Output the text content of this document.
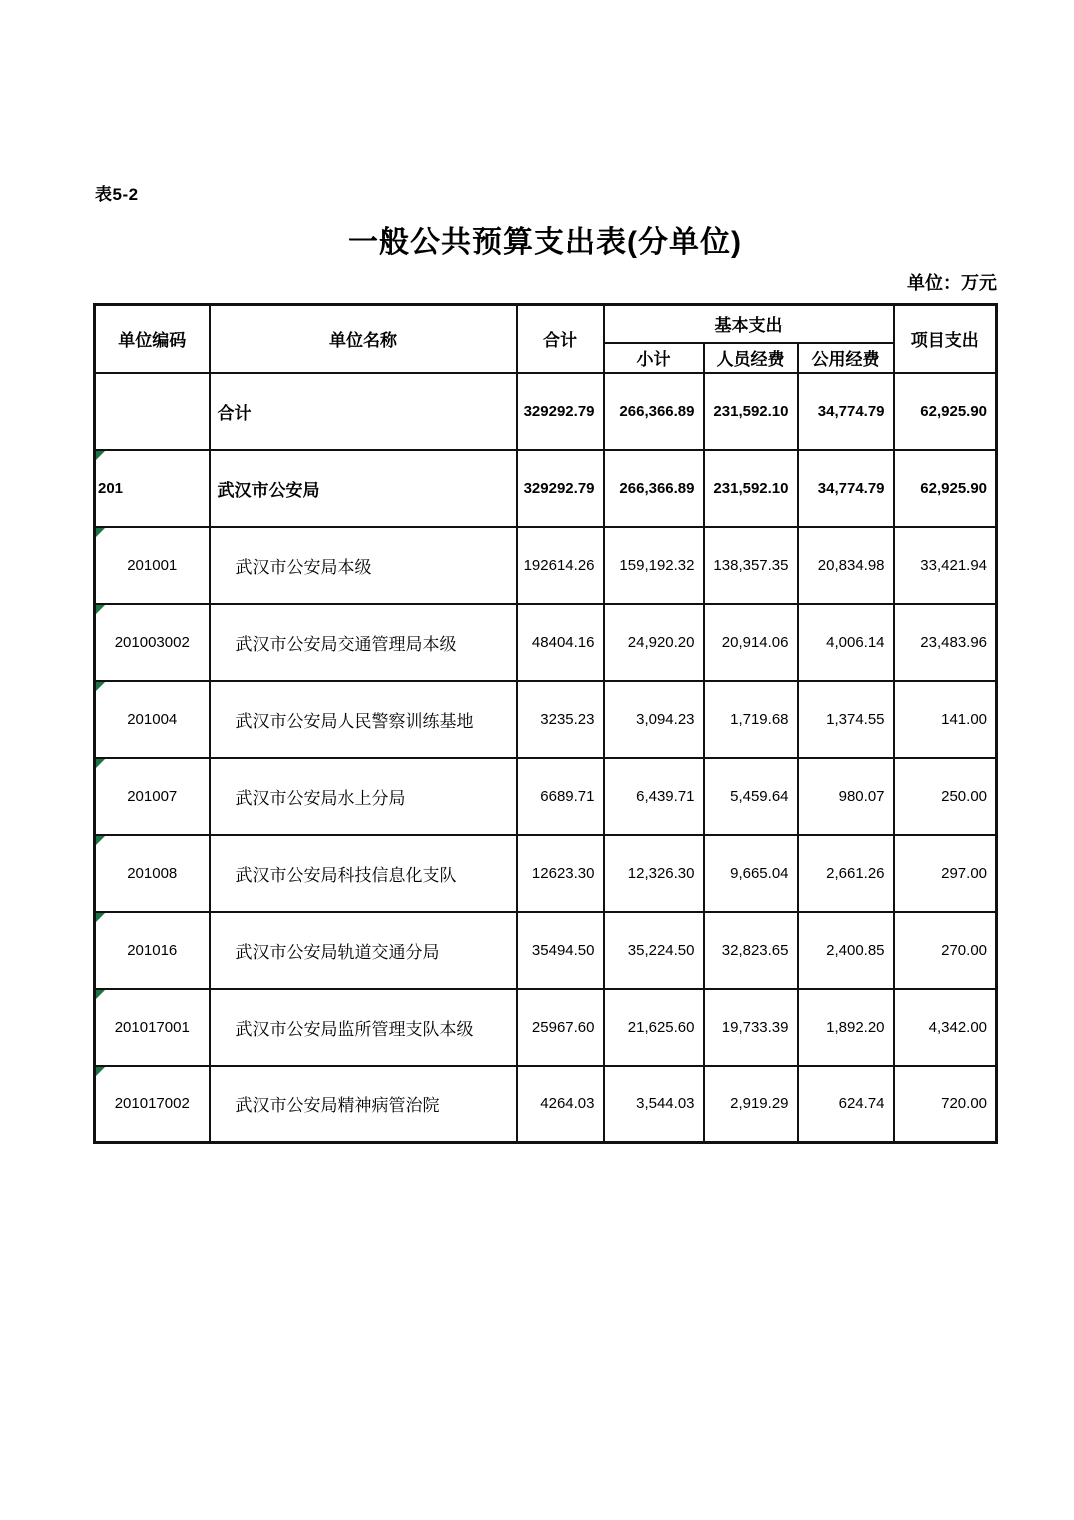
表5-2
一般公共预算支出表(分单位)
单位：万元
单位编码	单位名称	合计	基本支出			项目支出
			小计	人员经费	公用经费	
	合计	329292.79	266,366.89	231,592.10	34,774.79	62,925.90

201	武汉市公安局	329292.79	266,366.89	231,592.10	34,774.79	62,925.90

201001	武汉市公安局本级	192614.26	159,192.32	138,357.35	20,834.98	33,421.94

201003002	武汉市公安局交通管理局本级	48404.16	24,920.20	20,914.06	4,006.14	23,483.96

201004	武汉市公安局人民警察训练基地	3235.23	3,094.23	1,719.68	1,374.55	141.00

201007	武汉市公安局水上分局	6689.71	6,439.71	5,459.64	980.07	250.00

201008	武汉市公安局科技信息化支队	12623.30	12,326.30	9,665.04	2,661.26	297.00

201016	武汉市公安局轨道交通分局	35494.50	35,224.50	32,823.65	2,400.85	270.00

201017001	武汉市公安局监所管理支队本级	25967.60	21,625.60	19,733.39	1,892.20	4,342.00

201017002	武汉市公安局精神病管治院	4264.03	3,544.03	2,919.29	624.74	720.00
